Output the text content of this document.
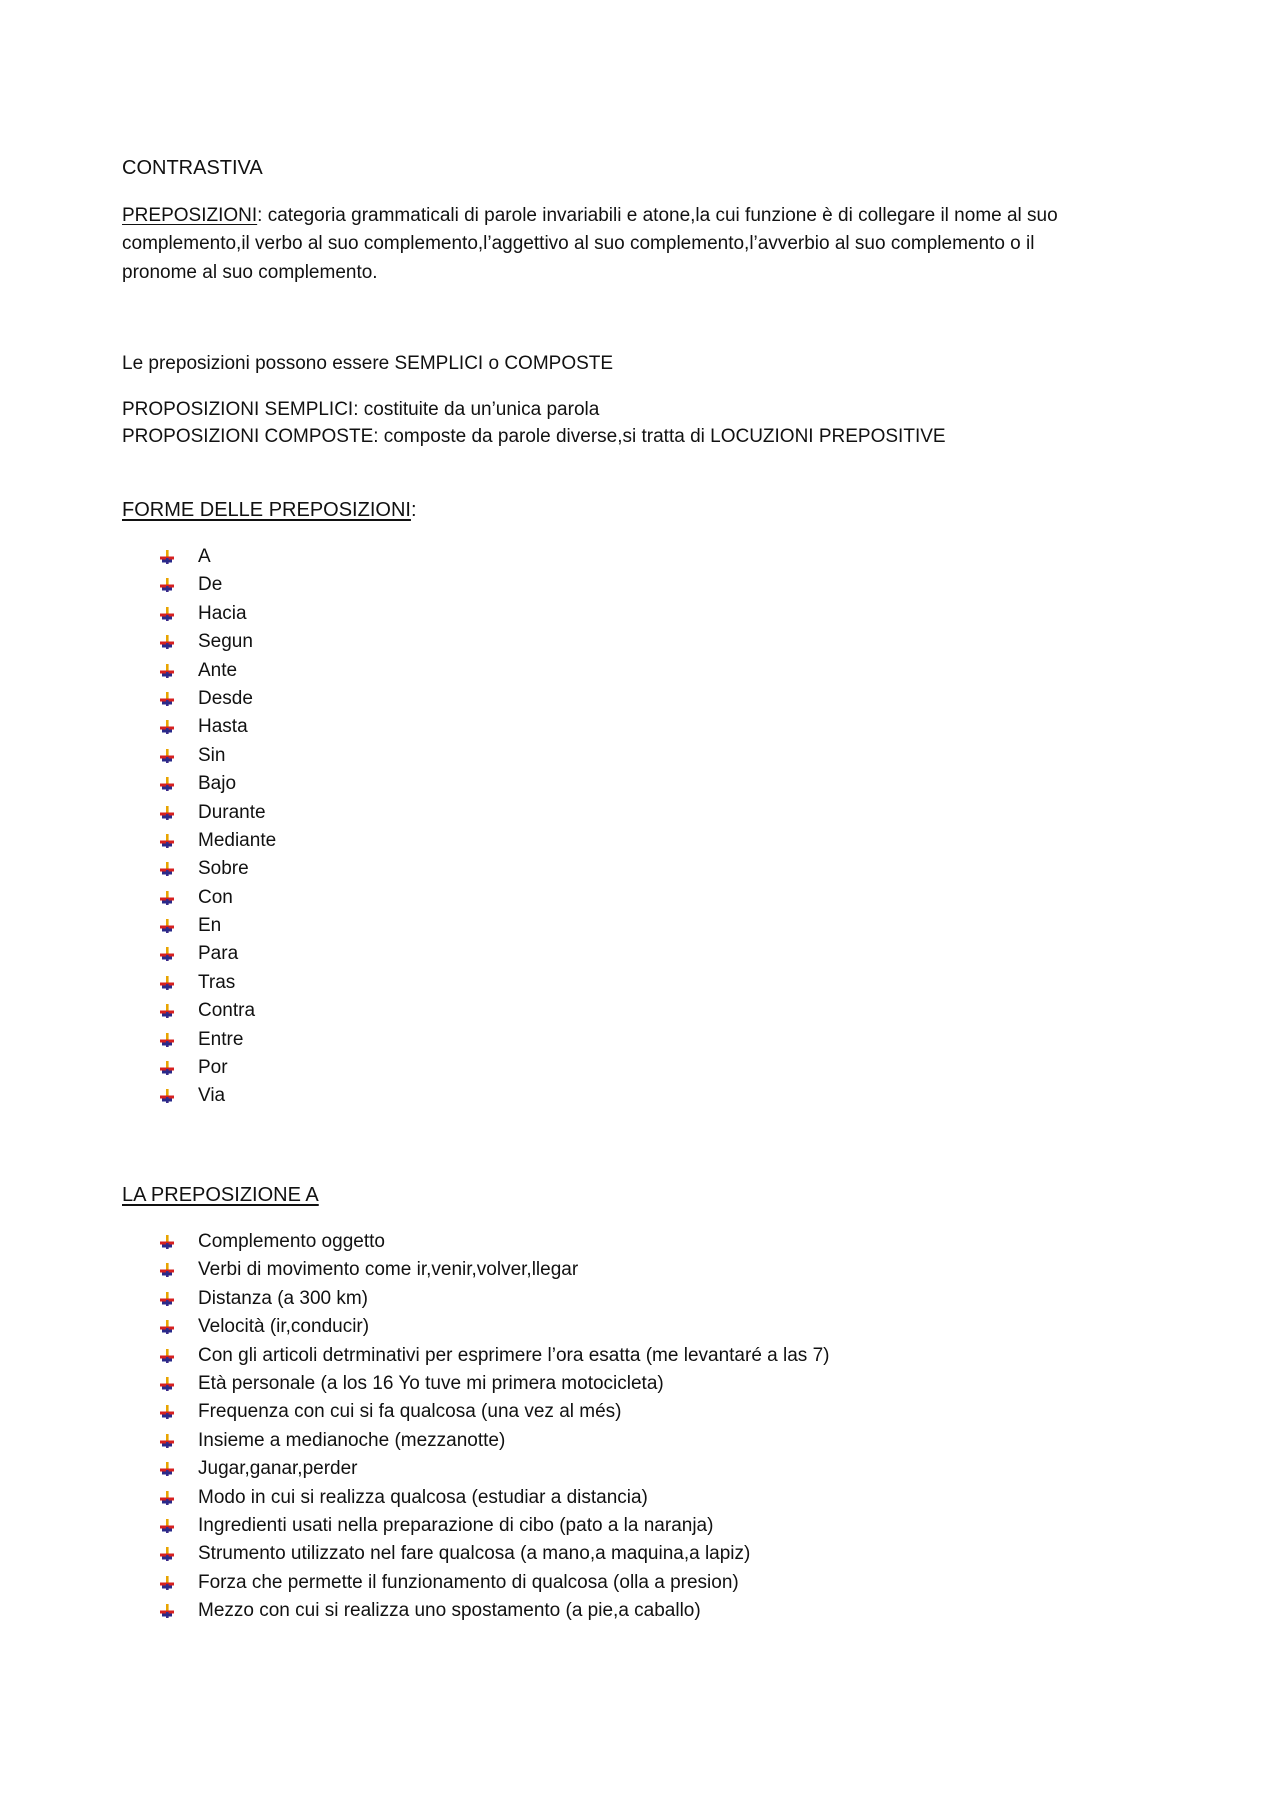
CONTRASTIVA
PREPOSIZIONI: categoria grammaticali di parole invariabili e atone,la cui funzione è di collegare il nome al suo
complemento,il verbo al suo complemento,l’aggettivo al suo complemento,l’avverbio al suo complemento o il
pronome al suo complemento.
Le preposizioni possono essere SEMPLICI o COMPOSTE
PROPOSIZIONI SEMPLICI: costituite da un’unica parola
PROPOSIZIONI COMPOSTE: composte da parole diverse,si tratta di LOCUZIONI PREPOSITIVE
FORME DELLE PREPOSIZIONI:
A
De
Hacia
Segun
Ante
Desde
Hasta
Sin
Bajo
Durante
Mediante
Sobre
Con
En
Para
Tras
Contra
Entre
Por
Via
LA PREPOSIZIONE A
Complemento oggetto
Verbi di movimento come ir,venir,volver,llegar
Distanza (a 300 km)
Velocità (ir,conducir)
Con gli articoli detrminativi per esprimere l’ora esatta (me levantaré a las 7)
Età personale (a los 16 Yo tuve mi primera motocicleta)
Frequenza con cui si fa qualcosa (una vez al més)
Insieme a medianoche (mezzanotte)
Jugar,ganar,perder
Modo in cui si realizza qualcosa (estudiar a distancia)
Ingredienti usati nella preparazione di cibo (pato a la naranja)
Strumento utilizzato nel fare qualcosa (a mano,a maquina,a lapiz)
Forza che permette il funzionamento di qualcosa (olla a presion)
Mezzo con cui si realizza uno spostamento (a pie,a caballo)
